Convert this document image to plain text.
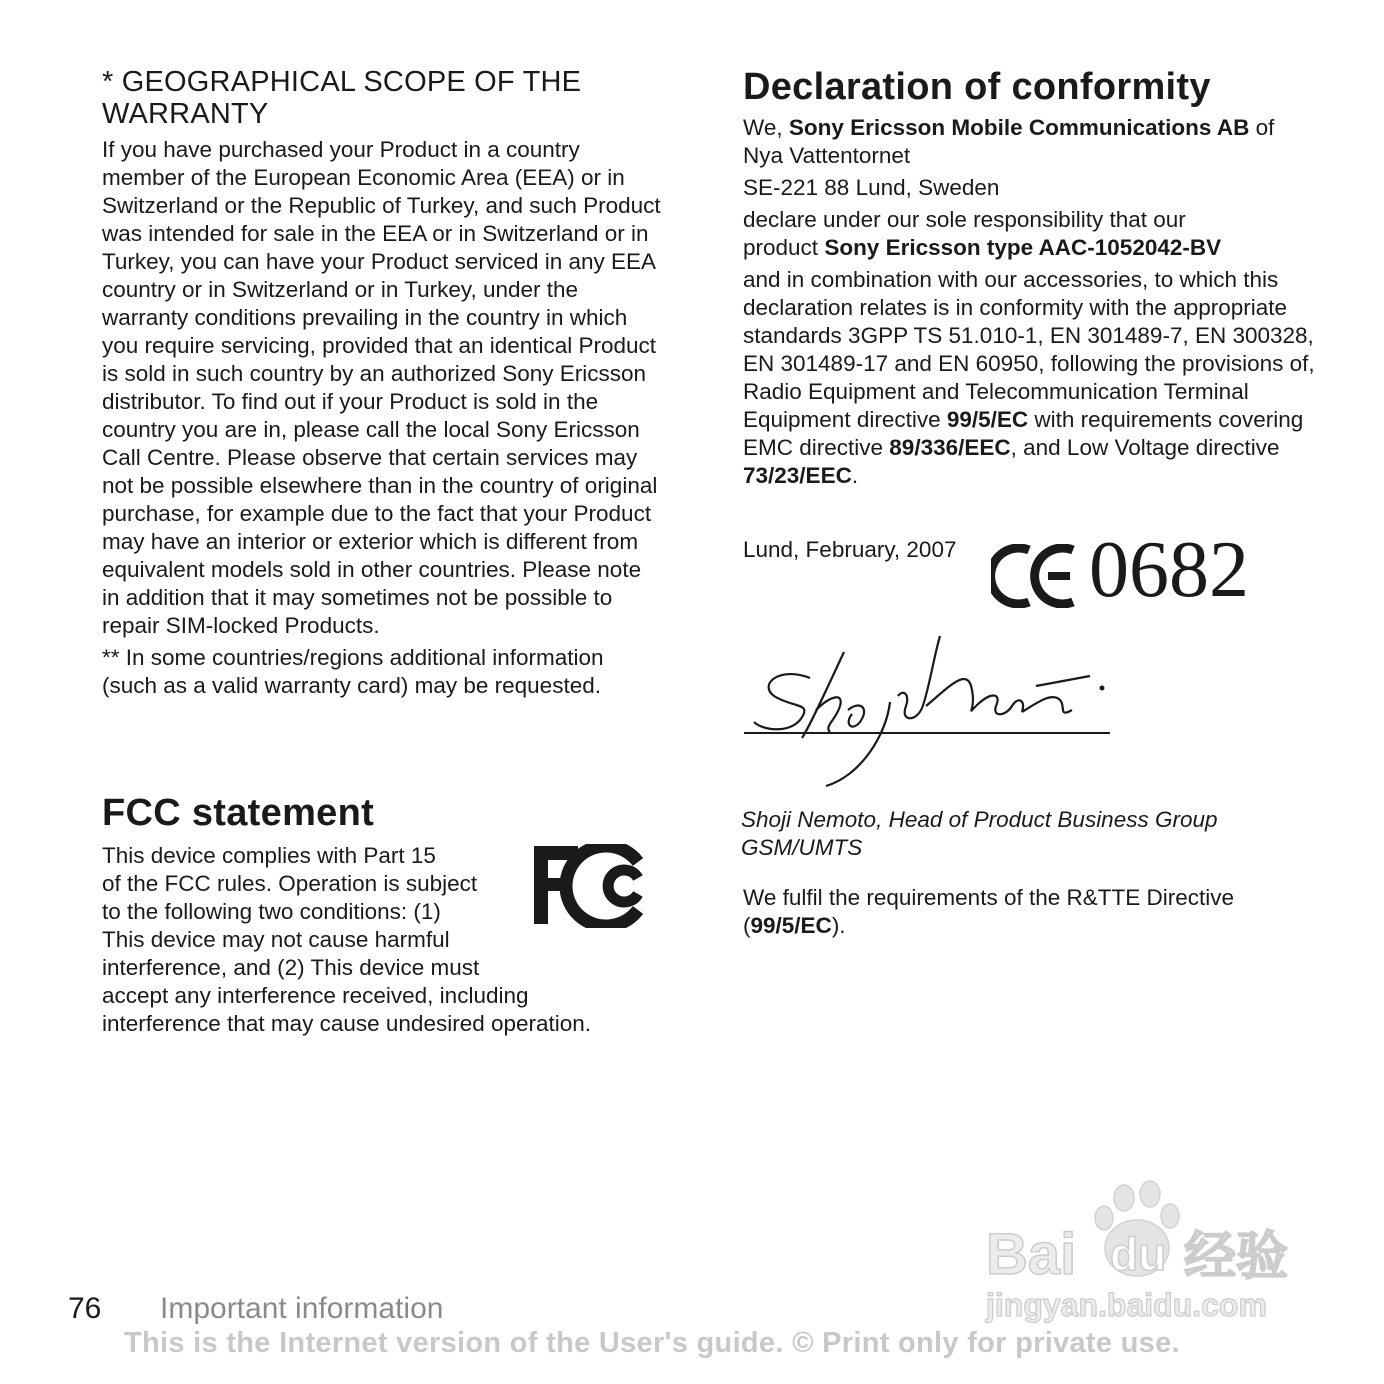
* GEOGRAPHICAL SCOPE OF THE WARRANTY

If you have purchased your Product in a country member of the European Economic Area (EEA) or in Switzerland or the Republic of Turkey, and such Product was intended for sale in the EEA or in Switzerland or in Turkey, you can have your Product serviced in any EEA country or in Switzerland or in Turkey, under the warranty conditions prevailing in the country in which you require servicing, provided that an identical Product is sold in such country by an authorized Sony Ericsson distributor. To find out if your Product is sold in the country you are in, please call the local Sony Ericsson Call Centre. Please observe that certain services may not be possible elsewhere than in the country of original purchase, for example due to the fact that your Product may have an interior or exterior which is different from equivalent models sold in other countries. Please note in addition that it may sometimes not be possible to repair SIM-locked Products.

** In some countries/regions additional information (such as a valid warranty card) may be requested.

FCC statement
This device complies with Part 15
of the FCC rules. Operation is subject
to the following two conditions: (1)
This device may not cause harmful
interference, and (2) This device must
accept any interference received, including
interference that may cause undesired operation.
Declaration of conformity

We, Sony Ericsson Mobile Communications AB of

Nya Vattentornet

SE-221 88 Lund, Sweden

declare under our sole responsibility that our

product Sony Ericsson type AAC-1052042-BV

and in combination with our accessories, to which this declaration relates is in conformity with the appropriate standards 3GPP TS 51.010-1, EN 301489-7, EN 300328, EN 301489-17 and EN 60950, following the provisions of, Radio Equipment and Telecommunication Terminal Equipment directive 99/5/EC with requirements covering EMC directive 89/336/EEC, and Low Voltage directive 73/23/EEC.

Lund, February, 2007 0682
Shoji Nemoto, Head of Product Business Group GSM/UMTS

We fulfil the requirements of the R&TTE Directive (99/5/EC).

Bai du 经验
jingyan.baidu.com
76 Important information
This is the Internet version of the User's guide. © Print only for private use.
